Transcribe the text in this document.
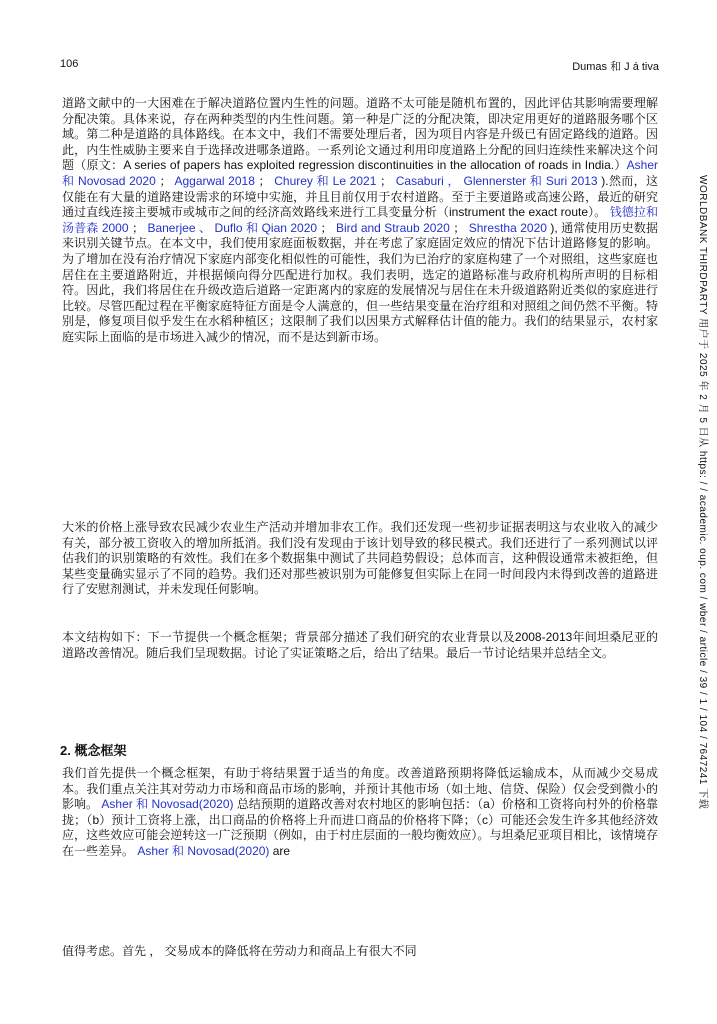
106	Dumas 和 J á tiva
WORLDBANK THIRDPARTY 用户于 2025 年 2 月 5 日从 https: / / academic. oup. com / wber / article / 39 / 1 / 104 / 7647241 下载
道路文献中的一大困难在于解决道路位置内生性的问题。道路不太可能是随机布置的，因此评估其影响需要理解分配决策。具体来说，存在两种类型的内生性问题。第一种是广泛的分配决策，即决定用更好的道路服务哪个区域。第二种是道路的具体路线。在本文中，我们不需要处理后者，因为项目内容是升级已有固定路线的道路。因此，内生性威胁主要来自于选择改进哪条道路。一系列论文通过利用印度道路上分配的回归连续性来解决这个问题（原文：A series of papers has exploited regression discontinuities in the allocation of roads in India.）Asher 和 Novosad 2020 ； Aggarwal 2018 ； Churey 和 Le 2021 ； Casaburi ， Glennerster 和 Suri 2013 ).然而，这仅能在有大量的道路建设需求的环境中实施，并且目前仅用于农村道路。至于主要道路或高速公路，最近的研究通过直线连接主要城市或城市之间的经济高效路线来进行工具变量分析（instrument the exact route）。 钱德拉和汤普森 2000 ； Banerjee 、 Duflo 和 Qian 2020 ； Bird and Straub 2020 ； Shrestha 2020 ), 通常使用历史数据来识别关键节点。在本文中，我们使用家庭面板数据，并在考虑了家庭固定效应的情况下估计道路修复的影响。为了增加在没有治疗情况下家庭内部变化相似性的可能性，我们为已治疗的家庭构建了一个对照组，这些家庭也居住在主要道路附近，并根据倾向得分匹配进行加权。我们表明，选定的道路标准与政府机构所声明的目标相符。因此，我们将居住在升级改造后道路一定距离内的家庭的发展情况与居住在未升级道路附近类似的家庭进行比较。尽管匹配过程在平衡家庭特征方面是令人满意的，但一些结果变量在治疗组和对照组之间仍然不平衡。特别是，修复项目似乎发生在水稻种植区；这限制了我们以因果方式解释估计值的能力。我们的结果显示，农村家庭实际上面临的是市场进入减少的情况，而不是达到新市场。
大米的价格上涨导致农民减少农业生产活动并增加非农工作。我们还发现一些初步证据表明这与农业收入的减少有关，部分被工资收入的增加所抵消。我们没有发现由于该计划导致的移民模式。我们还进行了一系列测试以评估我们的识别策略的有效性。我们在多个数据集中测试了共同趋势假设；总体而言，这种假设通常未被拒绝，但某些变量确实显示了不同的趋势。我们还对那些被识别为可能修复但实际上在同一时间段内未得到改善的道路进行了安慰剂测试，并未发现任何影响。
本文结构如下：下一节提供一个概念框架；背景部分描述了我们研究的农业背景以及2008-2013年间坦桑尼亚的道路改善情况。随后我们呈现数据。讨论了实证策略之后，给出了结果。最后一节讨论结果并总结全文。
2. 概念框架
我们首先提供一个概念框架，有助于将结果置于适当的角度。改善道路预期将降低运输成本，从而减少交易成本。我们重点关注其对劳动力市场和商品市场的影响，并预计其他市场（如土地、信贷、保险）仅会受到微小的影响。 Asher 和 Novosad(2020) 总结预期的道路改善对农村地区的影响包括：（a）价格和工资将向村外的价格靠拢；（b）预计工资将上涨，出口商品的价格将上升而进口商品的价格将下降；（c）可能还会发生许多其他经济效应，这些效应可能会逆转这一广泛预期（例如，由于村庄层面的一般均衡效应）。与坦桑尼亚项目相比，该情境存在一些差异。 Asher 和 Novosad(2020) are
值得考虑。首先 ， 交易成本的降低将在劳动力和商品上有很大不同
